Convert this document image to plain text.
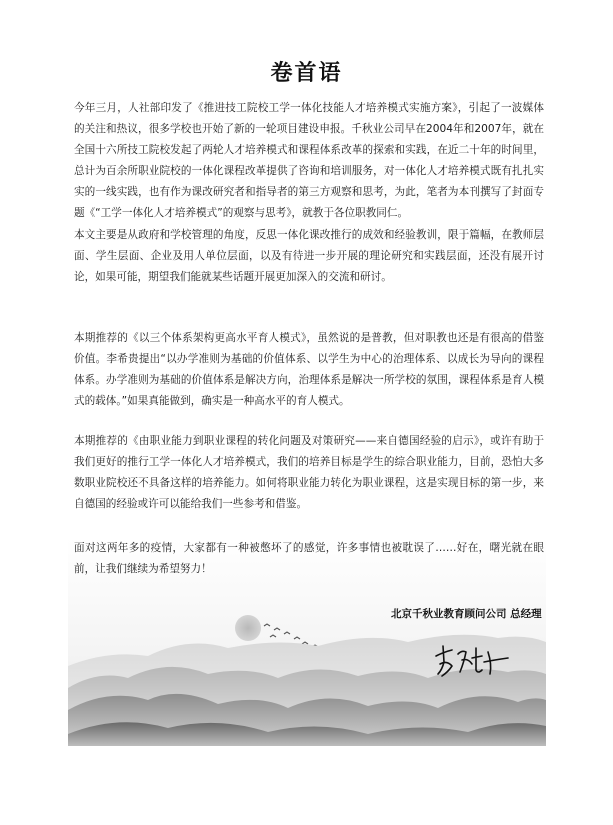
卷首语

今年三月，人社部印发了《推进技工院校工学一体化技能人才培养模式实施方案》，引起了一波媒体的关注和热议，很多学校也开始了新的一轮项目建设申报。千秋业公司早在2004年和2007年，就在全国十六所技工院校发起了两轮人才培养模式和课程体系改革的探索和实践，在近二十年的时间里，总计为百余所职业院校的一体化课程改革提供了咨询和培训服务，对一体化人才培养模式既有扎扎实实的一线实践，也有作为课改研究者和指导者的第三方观察和思考，为此，笔者为本刊撰写了封面专题《“工学一体化人才培养模式”的观察与思考》，就教于各位职教同仁。

本文主要是从政府和学校管理的角度，反思一体化课改推行的成效和经验教训，限于篇幅，在教师层面、学生层面、企业及用人单位层面，以及有待进一步开展的理论研究和实践层面，还没有展开讨论，如果可能，期望我们能就某些话题开展更加深入的交流和研讨。

本期推荐的《以三个体系架构更高水平育人模式》，虽然说的是普教，但对职教也还是有很高的借鉴价值。李希贵提出“以办学准则为基础的价值体系、以学生为中心的治理体系、以成长为导向的课程体系。办学准则为基础的价值体系是解决方向，治理体系是解决一所学校的氛围，课程体系是育人模式的载体。”如果真能做到，确实是一种高水平的育人模式。

本期推荐的《由职业能力到职业课程的转化问题及对策研究——来自德国经验的启示》，或许有助于我们更好的推行工学一体化人才培养模式，我们的培养目标是学生的综合职业能力，目前，恐怕大多数职业院校还不具备这样的培养能力。如何将职业能力转化为职业课程，这是实现目标的第一步，来自德国的经验或许可以能给我们一些参考和借鉴。

面对这两年多的疫情，大家都有一种被憋坏了的感觉，许多事情也被耽误了……好在，曙光就在眼前，让我们继续为希望努力！

北京千秋业教育顾问公司 总经理
